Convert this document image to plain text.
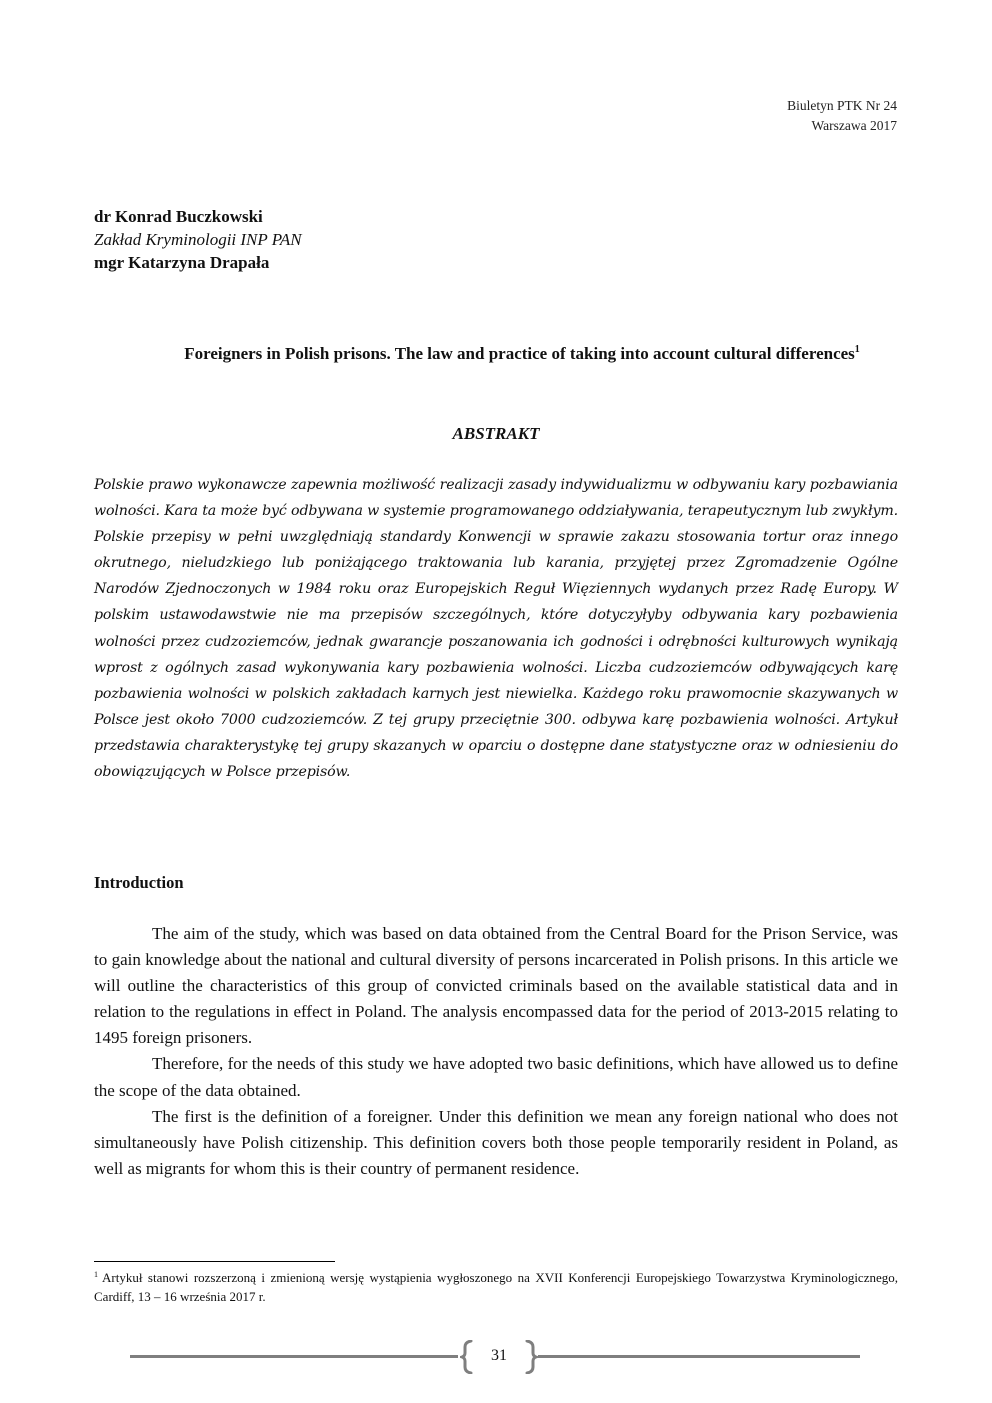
Biuletyn PTK Nr 24
Warszawa 2017
dr Konrad Buczkowski
Zakład Kryminologii INP PAN
mgr Katarzyna Drapała
Foreigners in Polish prisons. The law and practice of taking into account cultural differences$^1$
ABSTRAKT
Polskie prawo wykonawcze zapewnia możliwość realizacji zasady indywidualizmu w odbywaniu kary pozbawiania wolności. Kara ta może być odbywana w systemie programowanego oddziaływania, terapeutycznym lub zwykłym. Polskie przepisy w pełni uwzględniają standardy Konwencji w sprawie zakazu stosowania tortur oraz innego okrutnego, nieludzkiego lub poniżającego traktowania lub karania, przyjętej przez Zgromadzenie Ogólne Narodów Zjednoczonych w 1984 roku oraz Europejskich Reguł Więziennych wydanych przez Radę Europy. W polskim ustawodawstwie nie ma przepisów szczególnych, które dotyczyłyby odbywania kary pozbawienia wolności przez cudzoziemców, jednak gwarancje poszanowania ich godności i odrębności kulturowych wynikają wprost z ogólnych zasad wykonywania kary pozbawienia wolności. Liczba cudzoziemców odbywających karę pozbawienia wolności w polskich zakładach karnych jest niewielka. Każdego roku prawomocnie skazywanych w Polsce jest około 7000 cudzoziemców. Z tej grupy przeciętnie 300. odbywa karę pozbawienia wolności. Artykuł przedstawia charakterystykę tej grupy skazanych w oparciu o dostępne dane statystyczne oraz w odniesieniu do obowiązujących w Polsce przepisów.
Introduction

The aim of the study, which was based on data obtained from the Central Board for the Prison Service, was to gain knowledge about the national and cultural diversity of persons incarcerated in Polish prisons. In this article we will outline the characteristics of this group of convicted criminals based on the available statistical data and in relation to the regulations in effect in Poland. The analysis encompassed data for the period of 2013-2015 relating to 1495 foreign prisoners.

Therefore, for the needs of this study we have adopted two basic definitions, which have allowed us to define the scope of the data obtained.

The first is the definition of a foreigner. Under this definition we mean any foreign national who does not simultaneously have Polish citizenship. This definition covers both those people temporarily resident in Poland, as well as migrants for whom this is their country of permanent residence.

$^1$ Artykuł stanowi rozszerzoną i zmienioną wersję wystąpienia wygłoszonego na XVII Konferencji Europejskiego Towarzystwa Kryminologicznego, Cardiff, 13 – 16 września 2017 r.
31
